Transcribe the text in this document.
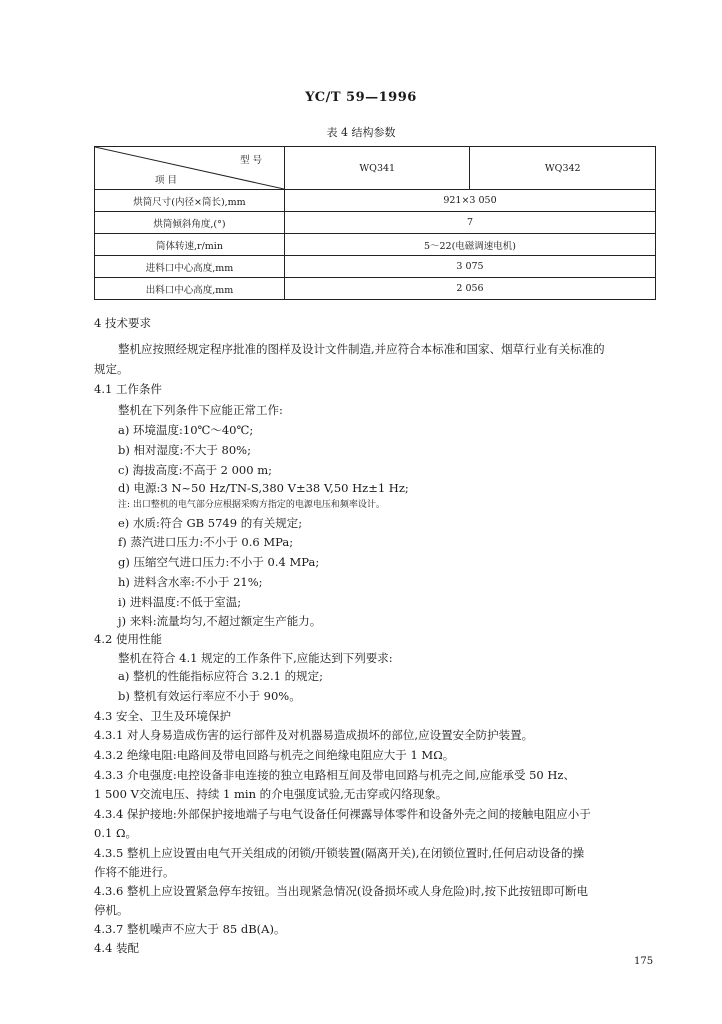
YC/T 59—1996
表 4 结构参数
型 号
项 目	WQ341	WQ342
烘筒尺寸(内径×筒长),mm	921×3 050	
烘筒倾斜角度,(°)	7	
筒体转速,r/min	5～22(电磁调速电机)	
进料口中心高度,mm	3 075	
出料口中心高度,mm	2 056	
4 技术要求
整机应按照经规定程序批准的图样及设计文件制造,并应符合本标准和国家、烟草行业有关标准的
规定。
4.1 工作条件
整机在下列条件下应能正常工作:
a) 环境温度:10℃～40℃;
b) 相对湿度:不大于 80%;
c) 海拔高度:不高于 2 000 m;
d) 电源:3 N~50 Hz/TN-S,380 V±38 V,50 Hz±1 Hz;
注: 出口整机的电气部分应根据采购方指定的电源电压和频率设计。
e) 水质:符合 GB 5749 的有关规定;
f) 蒸汽进口压力:不小于 0.6 MPa;
g) 压缩空气进口压力:不小于 0.4 MPa;
h) 进料含水率:不小于 21%;
i) 进料温度:不低于室温;
j) 来料:流量均匀,不超过额定生产能力。
4.2 使用性能
整机在符合 4.1 规定的工作条件下,应能达到下列要求:
a) 整机的性能指标应符合 3.2.1 的规定;
b) 整机有效运行率应不小于 90%。
4.3 安全、卫生及环境保护
4.3.1 对人身易造成伤害的运行部件及对机器易造成损坏的部位,应设置安全防护装置。
4.3.2 绝缘电阻:电路间及带电回路与机壳之间绝缘电阻应大于 1 MΩ。
4.3.3 介电强度:电控设备非电连接的独立电路相互间及带电回路与机壳之间,应能承受 50 Hz、
1 500 V交流电压、持续 1 min 的介电强度试验,无击穿或闪络现象。
4.3.4 保护接地:外部保护接地端子与电气设备任何裸露导体零件和设备外壳之间的接触电阻应小于
0.1 Ω。
4.3.5 整机上应设置由电气开关组成的闭锁/开锁装置(隔离开关),在闭锁位置时,任何启动设备的操
作将不能进行。
4.3.6 整机上应设置紧急停车按钮。当出现紧急情况(设备损坏或人身危险)时,按下此按钮即可断电
停机。
4.3.7 整机噪声不应大于 85 dB(A)。
4.4 装配
175
